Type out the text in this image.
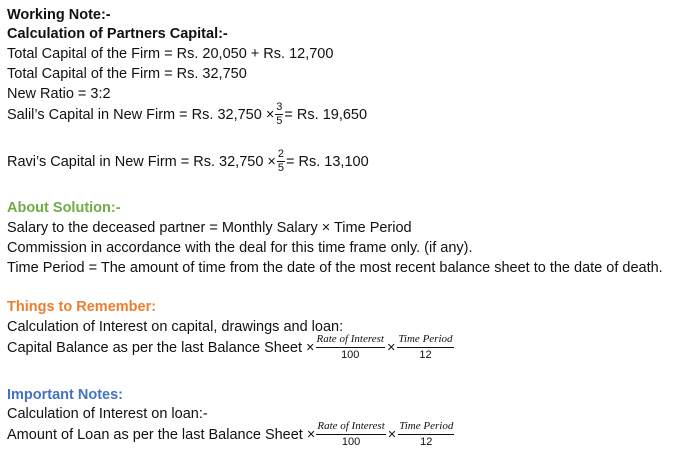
Working Note:-
Calculation of Partners Capital:-
Total Capital of the Firm = Rs. 20,050 + Rs. 12,700
Total Capital of the Firm = Rs. 32,750
New Ratio = 3:2
Salil’s Capital in New Firm = Rs. $32,750 \times \frac{3}{5} = Rs$. 19,650
Ravi’s Capital in New Firm = Rs. $32,750 \times \frac{2}{5} = Rs$. 13,100
About Solution:-
Salary to the deceased partner = Monthly Salary × Time Period
Commission in accordance with the deal for this time frame only. (if any).
Time Period = The amount of time from the date of the most recent balance sheet to the date of death.
Things to Remember:
Calculation of Interest on capital, drawings and loan:
Capital Balance as per the last Balance Sheet × $\frac{\text{Rate of Interest}}{100} \times \frac{\text{Time Period}}{12}$
Important Notes:
Calculation of Interest on loan:-
Amount of Loan as per the last Balance Sheet × $\frac{\text{Rate of Interest}}{100} \times \frac{\text{Time Period}}{12}$
